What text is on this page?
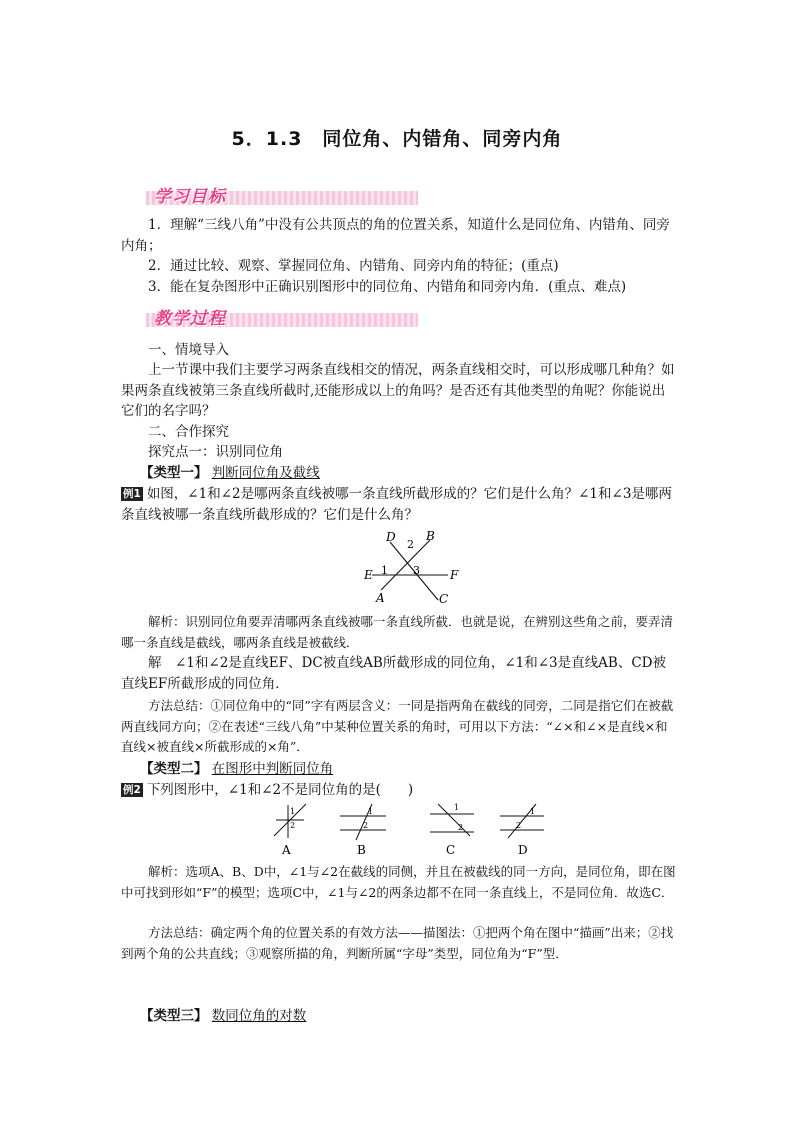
5．1.3　同位角、内错角、同旁内角
学习目标
1．理解“三线八角”中没有公共顶点的角的位置关系，知道什么是同位角、内错角、同旁内角；
2．通过比较、观察、掌握同位角、内错角、同旁内角的特征；(重点)
3．能在复杂图形中正确识别图形中的同位角、内错角和同旁内角．(重点、难点)
教学过程
一、情境导入
上一节课中我们主要学习两条直线相交的情况，两条直线相交时，可以形成哪几种角？如果两条直线被第三条直线所截时,还能形成以上的角吗？是否还有其他类型的角呢？你能说出它们的名字吗？
二、合作探究
探究点一：识别同位角
【类型一】 判断同位角及截线
例1 如图，∠1和∠2是哪两条直线被哪一条直线所截形成的？它们是什么角？∠1和∠3是哪两条直线被哪一条直线所截形成的？它们是什么角？
D	B
E	F
A	C
2
1 3
解析：识别同位角要弄清哪两条直线被哪一条直线所截．也就是说，在辨别这些角之前，要弄清哪一条直线是截线，哪两条直线是被截线．
解　∠1和∠2是直线EF、DC被直线AB所截形成的同位角，∠1和∠3是直线AB、CD被直线EF所截形成的同位角．
方法总结：①同位角中的“同”字有两层含义：一同是指两角在截线的同旁，二同是指它们在被截两直线同方向；②在表述“三线八角”中某种位置关系的角时，可用以下方法：“∠×和∠×是直线×和直线×被直线×所截形成的×角”．
【类型二】 在图形中判断同位角
例2 下列图形中，∠1和∠2不是同位角的是(　　)
1
2
1
2
1
2
1
2
A	B	C	D
解析：选项A、B、D中，∠1与∠2在截线的同侧，并且在被截线的同一方向，是同位角，即在图中可找到形如“F”的模型；选项C中，∠1与∠2的两条边都不在同一条直线上，不是同位角．故选C．
方法总结：确定两个角的位置关系的有效方法——描图法：①把两个角在图中“描画”出来；②找到两个角的公共直线；③观察所描的角，判断所属“字母”类型，同位角为“F”型．
【类型三】 数同位角的对数
